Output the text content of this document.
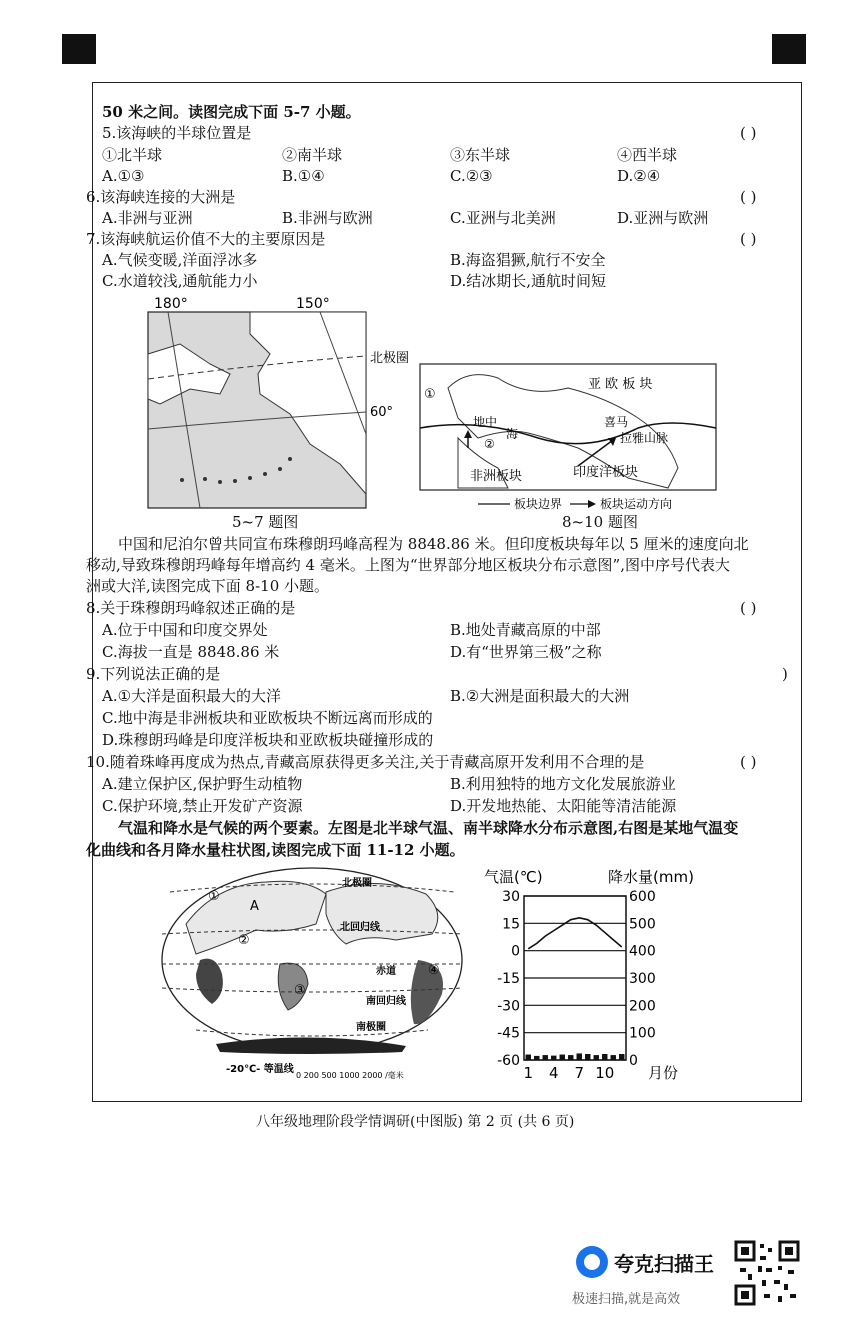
50 米之间。读图完成下面 5-7 小题。
5.该海峡的半球位置是	( )
①北半球	②南半球	③东半球	④西半球
A.①③	B.①④	C.②③	D.②④
6.该海峡连接的大洲是	( )
A.非洲与亚洲	B.非洲与欧洲	C.亚洲与北美洲	D.亚洲与欧洲
7.该海峡航运价值不大的主要原因是	( )
A.气候变暖,洋面浮冰多	B.海盗猖獗,航行不安全
C.水道较浅,通航能力小	D.结冰期长,通航时间短
180°	150°
北极圈
60°
5~7 题图
①
亚 欧 板 块
地中
海
②
喜马
拉雅山脉
非洲板块	印度洋板块
板块边界	板块运动方向
8~10 题图
中国和尼泊尔曾共同宣布珠穆朗玛峰高程为 8848.86 米。但印度板块每年以 5 厘米的速度向北
移动,导致珠穆朗玛峰每年增高约 4 毫米。上图为“世界部分地区板块分布示意图”,图中序号代表大
洲或大洋,读图完成下面 8-10 小题。
8.关于珠穆朗玛峰叙述正确的是	( )
A.位于中国和印度交界处	B.地处青藏高原的中部
C.海拔一直是 8848.86 米	D.有“世界第三极”之称
9.下列说法正确的是	)
A.①大洋是面积最大的大洋	B.②大洲是面积最大的大洲
C.地中海是非洲板块和亚欧板块不断远离而形成的
D.珠穆朗玛峰是印度洋板块和亚欧板块碰撞形成的
10.随着珠峰再度成为热点,青藏高原获得更多关注,关于青藏高原开发利用不合理的是	( )
A.建立保护区,保护野生动植物	B.利用独特的地方文化发展旅游业
C.保护环境,禁止开发矿产资源	D.开发地热能、太阳能等清洁能源
气温和降水是气候的两个要素。左图是北半球气温、南半球降水分布示意图,右图是某地气温变
化曲线和各月降水量柱状图,读图完成下面 11-12 小题。
①
A
②
③
④
北极圈
北回归线
赤道
南回归线
南极圈
-20℃- 等温线
0 200 500 1000 2000 /毫米
气温(℃)	降水量(mm)
30
15
0
-15
-30
-45
-60
600
500
400
300
200
100
0
1 4 7 10 月份
八年级地理阶段学情调研(中图版) 第 2 页 (共 6 页)
夸克扫描王
极速扫描,就是高效
